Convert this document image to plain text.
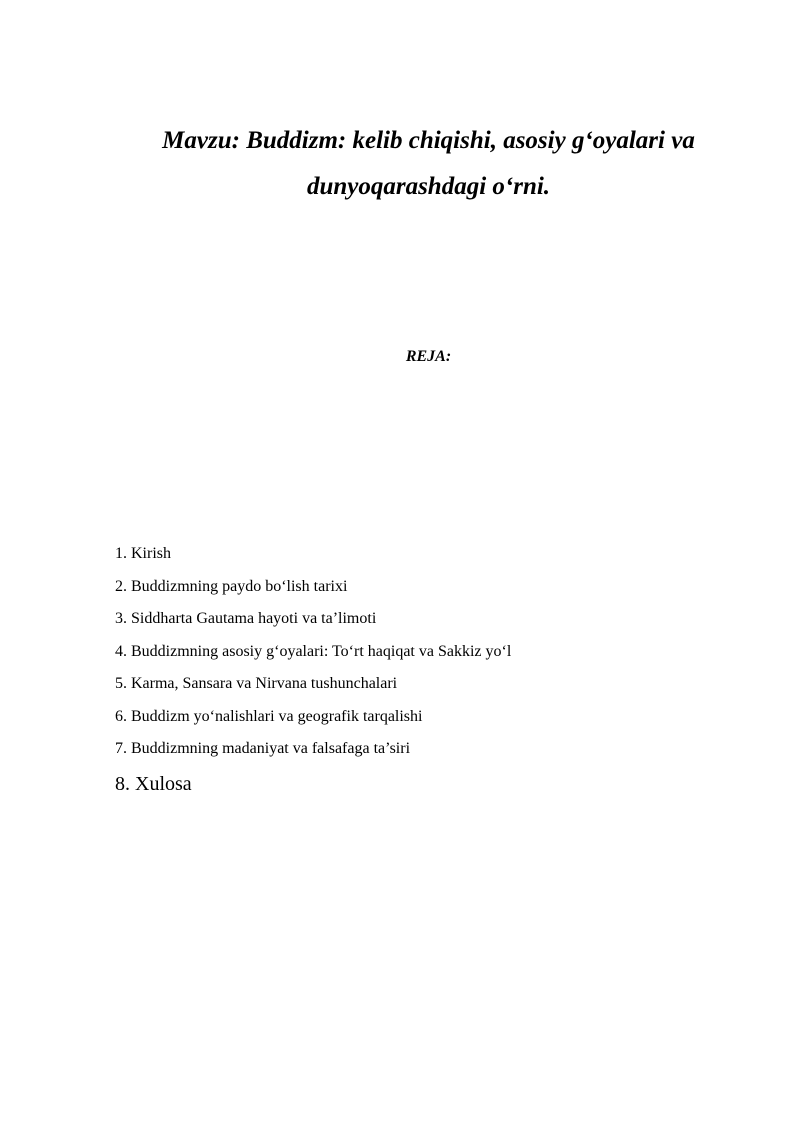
Mavzu: Buddizm: kelib chiqishi, asosiy g‘oyalari va dunyoqarashdagi o‘rni.
REJA:
1. Kirish
2. Buddizmning paydo bo‘lish tarixi
3. Siddharta Gautama hayoti va ta’limoti
4. Buddizmning asosiy g‘oyalari: To‘rt haqiqat va Sakkiz yo‘l
5. Karma, Sansara va Nirvana tushunchalari
6. Buddizm yo‘nalishlari va geografik tarqalishi
7. Buddizmning madaniyat va falsafaga ta’siri
8. Xulosa
